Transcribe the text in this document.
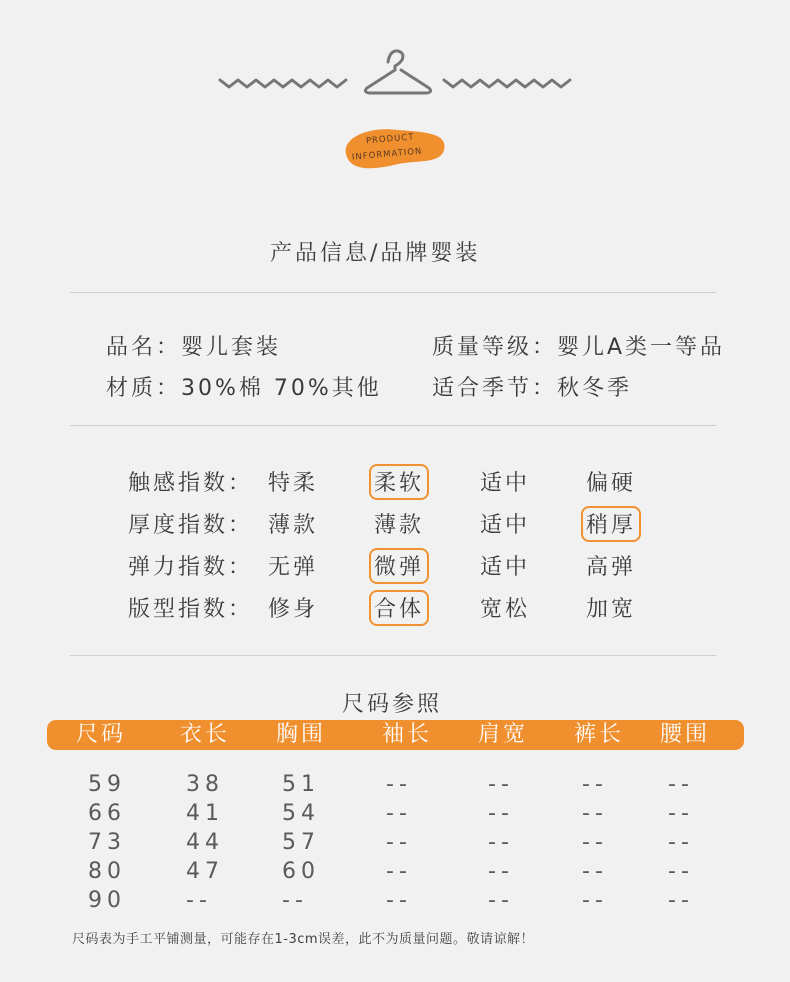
PRODUCT
INFORMATION
产品信息/品牌婴装
品名：婴儿套装	质量等级：婴儿A类一等品
材质：30%棉 70%其他 适合季节：秋冬季
触感指数： 特柔	柔软	适中	偏硬
厚度指数： 薄款	薄款	适中	稍厚
弹力指数： 无弹	微弹	适中	高弹
版型指数： 修身	合体	宽松	加宽
尺码参照
尺码 衣长 胸围	袖长 肩宽 裤长 腰围
59	38	51	--	--	--	--
66	41	54	--	--	--	--
73	44	57	--	--	--	--
80	47	60	--	--	--	--
90	--	--	--	--	--	--
尺码表为手工平铺测量，可能存在1-3cm误差，此不为质量问题。敬请谅解！
